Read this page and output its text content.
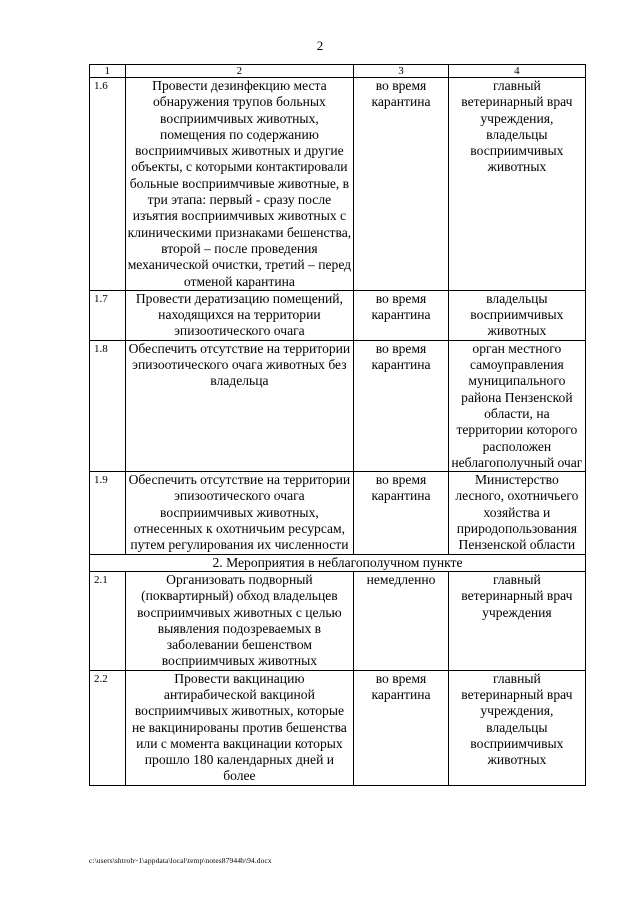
2
1	2	3	4
1.6	Провести дезинфекцию места обнаружения трупов больных восприимчивых животных, помещения по содержанию восприимчивых животных и другие объекты, с которыми контактировали больные восприимчивые животные, в три этапа: первый - сразу после изъятия восприимчивых животных с клиническими признаками бешенства, второй – после проведения механической очистки, третий – перед отменой карантина	во время карантина	главный ветеринарный врач учреждения, владельцы восприимчивых животных
1.7	Провести дератизацию помещений, находящихся на территории эпизоотического очага	во время карантина	владельцы восприимчивых животных
1.8	Обеспечить отсутствие на территории эпизоотического очага животных без владельца	во время карантина	орган местного самоуправления муниципального района Пензенской области, на территории которого расположен неблагополучный очаг
1.9	Обеспечить отсутствие на территории эпизоотического очага восприимчивых животных, отнесенных к охотничьим ресурсам, путем регулирования их численности	во время карантина	Министерство лесного, охотничьего хозяйства и природопользования Пензенской области
2. Мероприятия в неблагополучном пункте			
2.1	Организовать подворный (поквартирный) обход владельцев восприимчивых животных с целью выявления подозреваемых в заболевании бешенством восприимчивых животных	немедленно	главный ветеринарный врач учреждения
2.2	Провести вакцинацию антирабической вакциной восприимчивых животных, которые не вакцинированы против бешенства или с момента вакцинации которых прошло 180 календарных дней и более	во время карантина	главный ветеринарный врач учреждения, владельцы восприимчивых животных
c:\users\shtroh~1\appdata\local\temp\notes87944b\94.docx
